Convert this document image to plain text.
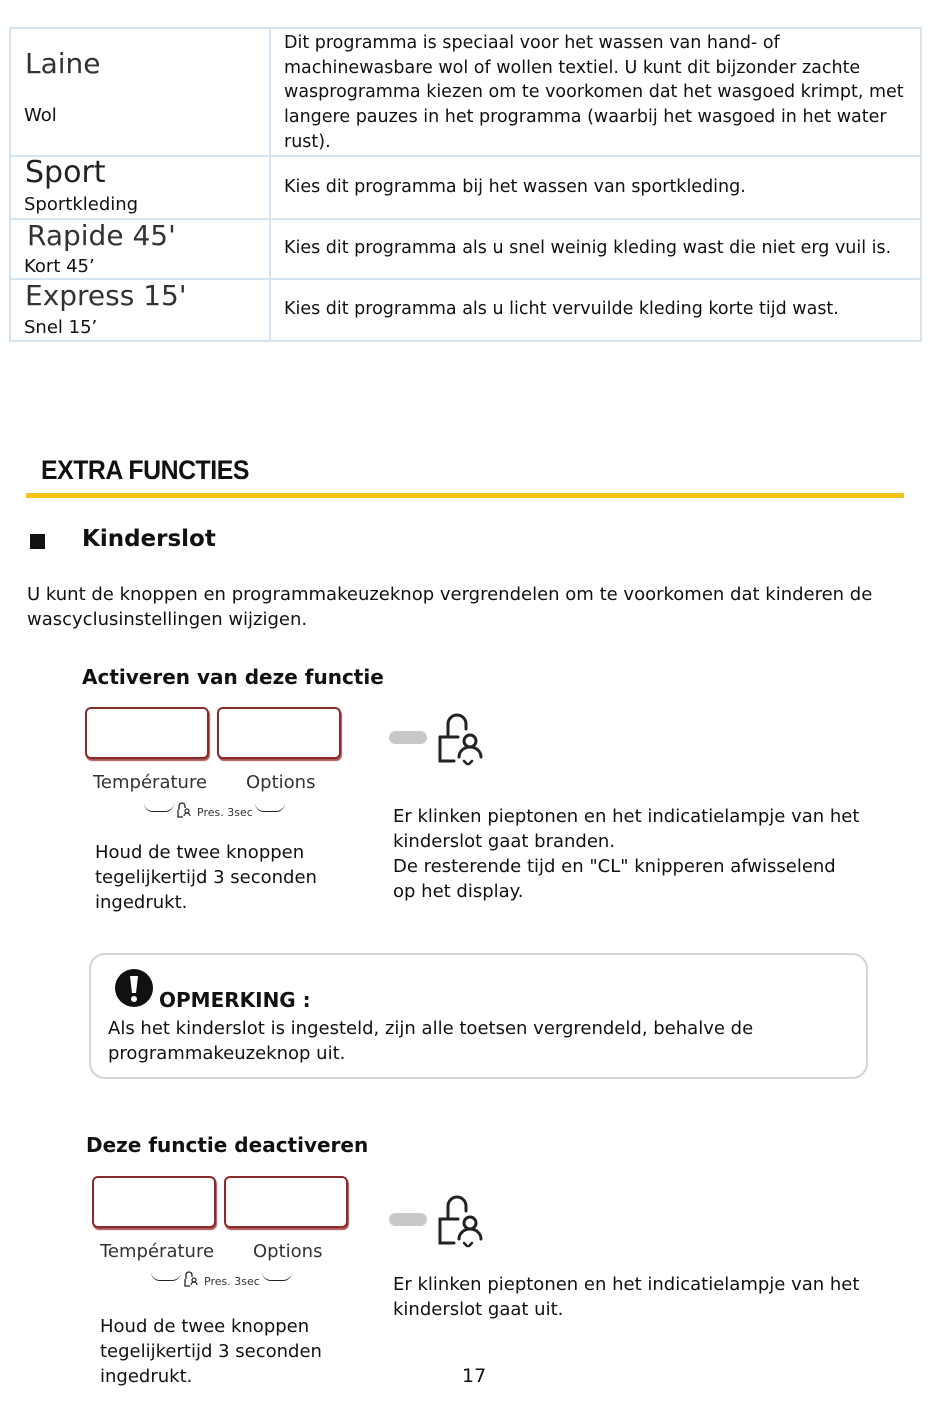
Laine
Wol	Dit programma is speciaal voor het wassen van hand- of machinewasbare wol of wollen textiel. U kunt dit bijzonder zachte wasprogramma kiezen om te voorkomen dat het wasgoed krimpt, met langere pauzes in het programma (waarbij het wasgoed in het water rust).

Sport
Sportkleding	Kies dit programma bij het wassen van sportkleding.

Rapide 45'
Kort 45’	Kies dit programma als u snel weinig kleding wast die niet erg vuil is.

Express 15'
Snel 15’	Kies dit programma als u licht vervuilde kleding korte tijd wast.
EXTRA FUNCTIES
Kinderslot
U kunt de knoppen en programmakeuzeknop vergrendelen om te voorkomen dat kinderen de wascyclusinstellingen wijzigen.
Activeren van deze functie
Température Options
Pres. 3sec
Houd de twee knoppen tegelijkertijd 3 seconden ingedrukt.
Er klinken pieptonen en het indicatielampje van het kinderslot gaat branden.
De resterende tijd en "CL" knipperen afwisselend op het display.
OPMERKING :
Als het kinderslot is ingesteld, zijn alle toetsen vergrendeld, behalve de programmakeuzeknop uit.
Deze functie deactiveren
Température Options
Pres. 3sec
Houd de twee knoppen tegelijkertijd 3 seconden ingedrukt.
Er klinken pieptonen en het indicatielampje van het kinderslot gaat uit.
17
